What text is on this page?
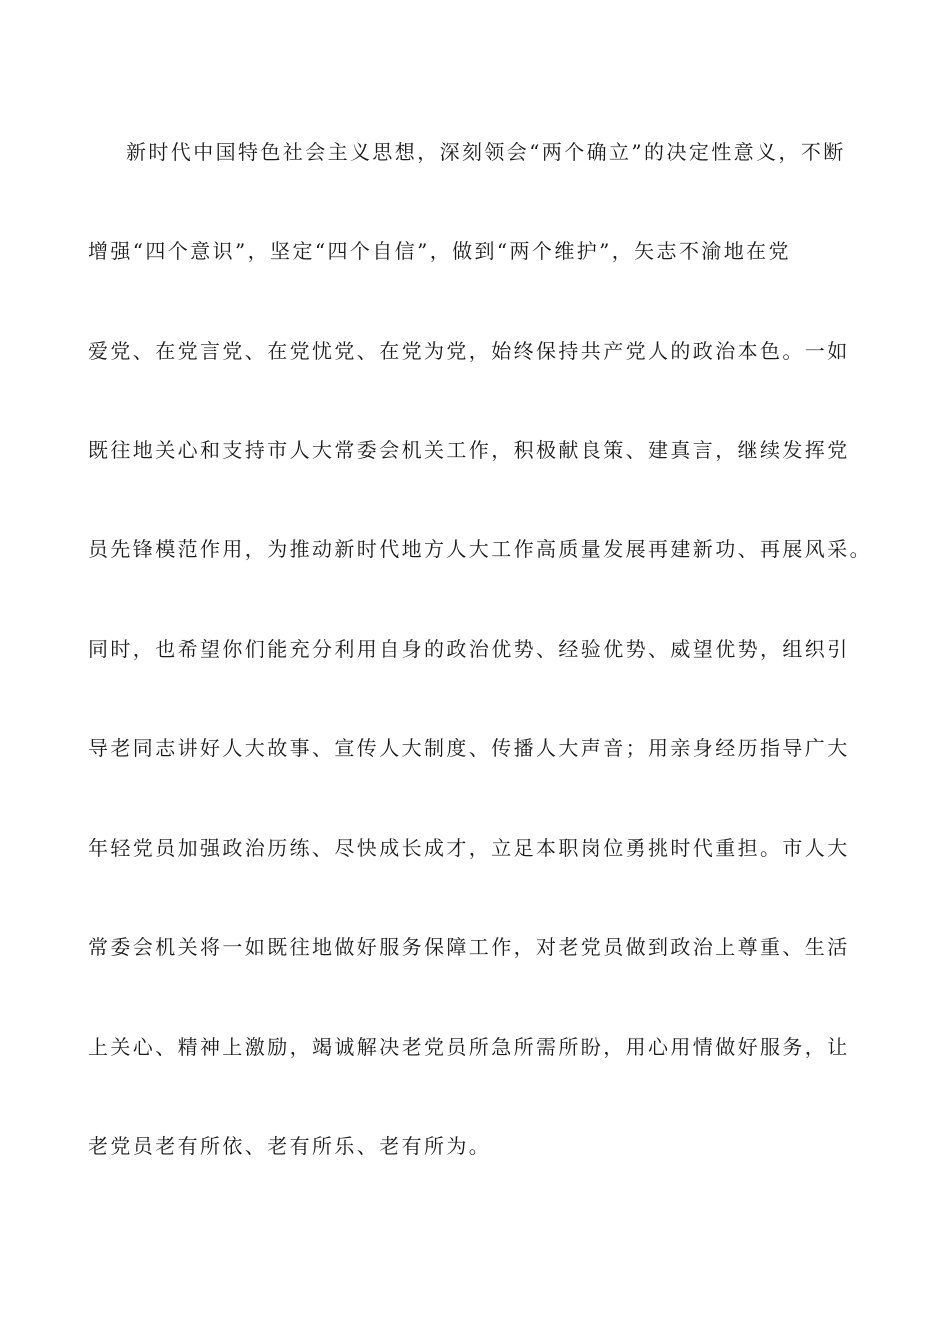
新时代中国特色社会主义思想，深刻领会“两个确立”的决定性意义，不断
增强“四个意识”，坚定“四个自信”，做到“两个维护”，矢志不渝地在党
爱党、在党言党、在党忧党、在党为党，始终保持共产党人的政治本色。一如
既往地关心和支持市人大常委会机关工作，积极献良策、建真言，继续发挥党
员先锋模范作用，为推动新时代地方人大工作高质量发展再建新功、再展风采。
同时，也希望你们能充分利用自身的政治优势、经验优势、威望优势，组织引
导老同志讲好人大故事、宣传人大制度、传播人大声音；用亲身经历指导广大
年轻党员加强政治历练、尽快成长成才，立足本职岗位勇挑时代重担。市人大
常委会机关将一如既往地做好服务保障工作，对老党员做到政治上尊重、生活
上关心、精神上激励，竭诚解决老党员所急所需所盼，用心用情做好服务，让
老党员老有所依、老有所乐、老有所为。
